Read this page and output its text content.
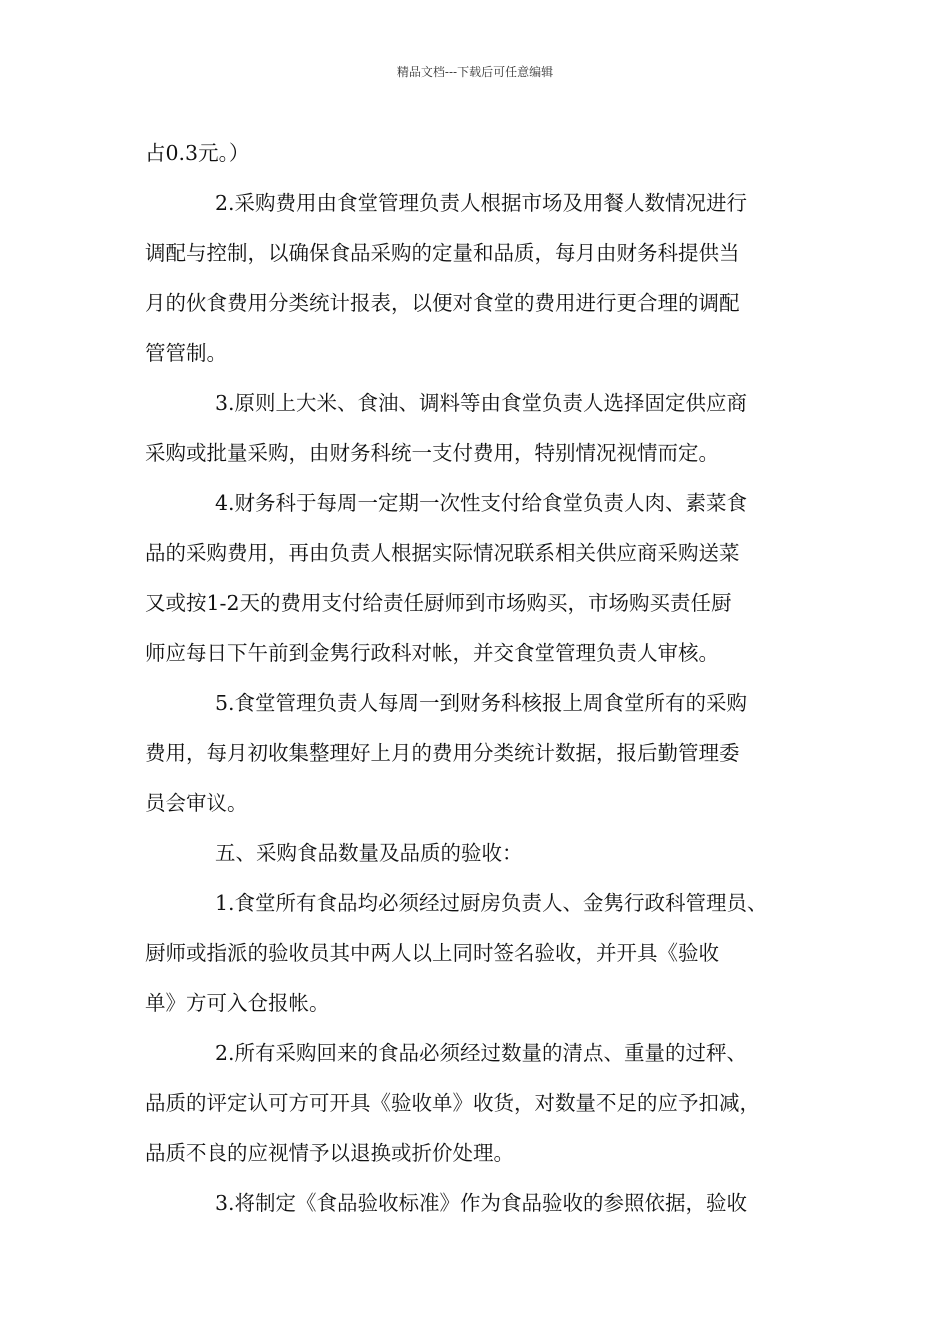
精品文档---下载后可任意编辑
占0.3元。）
2.采购费用由食堂管理负责人根据市场及用餐人数情况进行
调配与控制，以确保食品采购的定量和品质，每月由财务科提供当
月的伙食费用分类统计报表，以便对食堂的费用进行更合理的调配
管管制。
3.原则上大米、食油、调料等由食堂负责人选择固定供应商
采购或批量采购，由财务科统一支付费用，特别情况视情而定。
4.财务科于每周一定期一次性支付给食堂负责人肉、素菜食
品的采购费用，再由负责人根据实际情况联系相关供应商采购送菜
又或按1-2天的费用支付给责任厨师到市场购买，市场购买责任厨
师应每日下午前到金隽行政科对帐，并交食堂管理负责人审核。
5.食堂管理负责人每周一到财务科核报上周食堂所有的采购
费用，每月初收集整理好上月的费用分类统计数据，报后勤管理委
员会审议。
五、采购食品数量及品质的验收：
1.食堂所有食品均必须经过厨房负责人、金隽行政科管理员、
厨师或指派的验收员其中两人以上同时签名验收，并开具《验收
单》方可入仓报帐。
2.所有采购回来的食品必须经过数量的清点、重量的过秤、
品质的评定认可方可开具《验收单》收货，对数量不足的应予扣减，
品质不良的应视情予以退换或折价处理。
3.将制定《食品验收标准》作为食品验收的参照依据，验收
